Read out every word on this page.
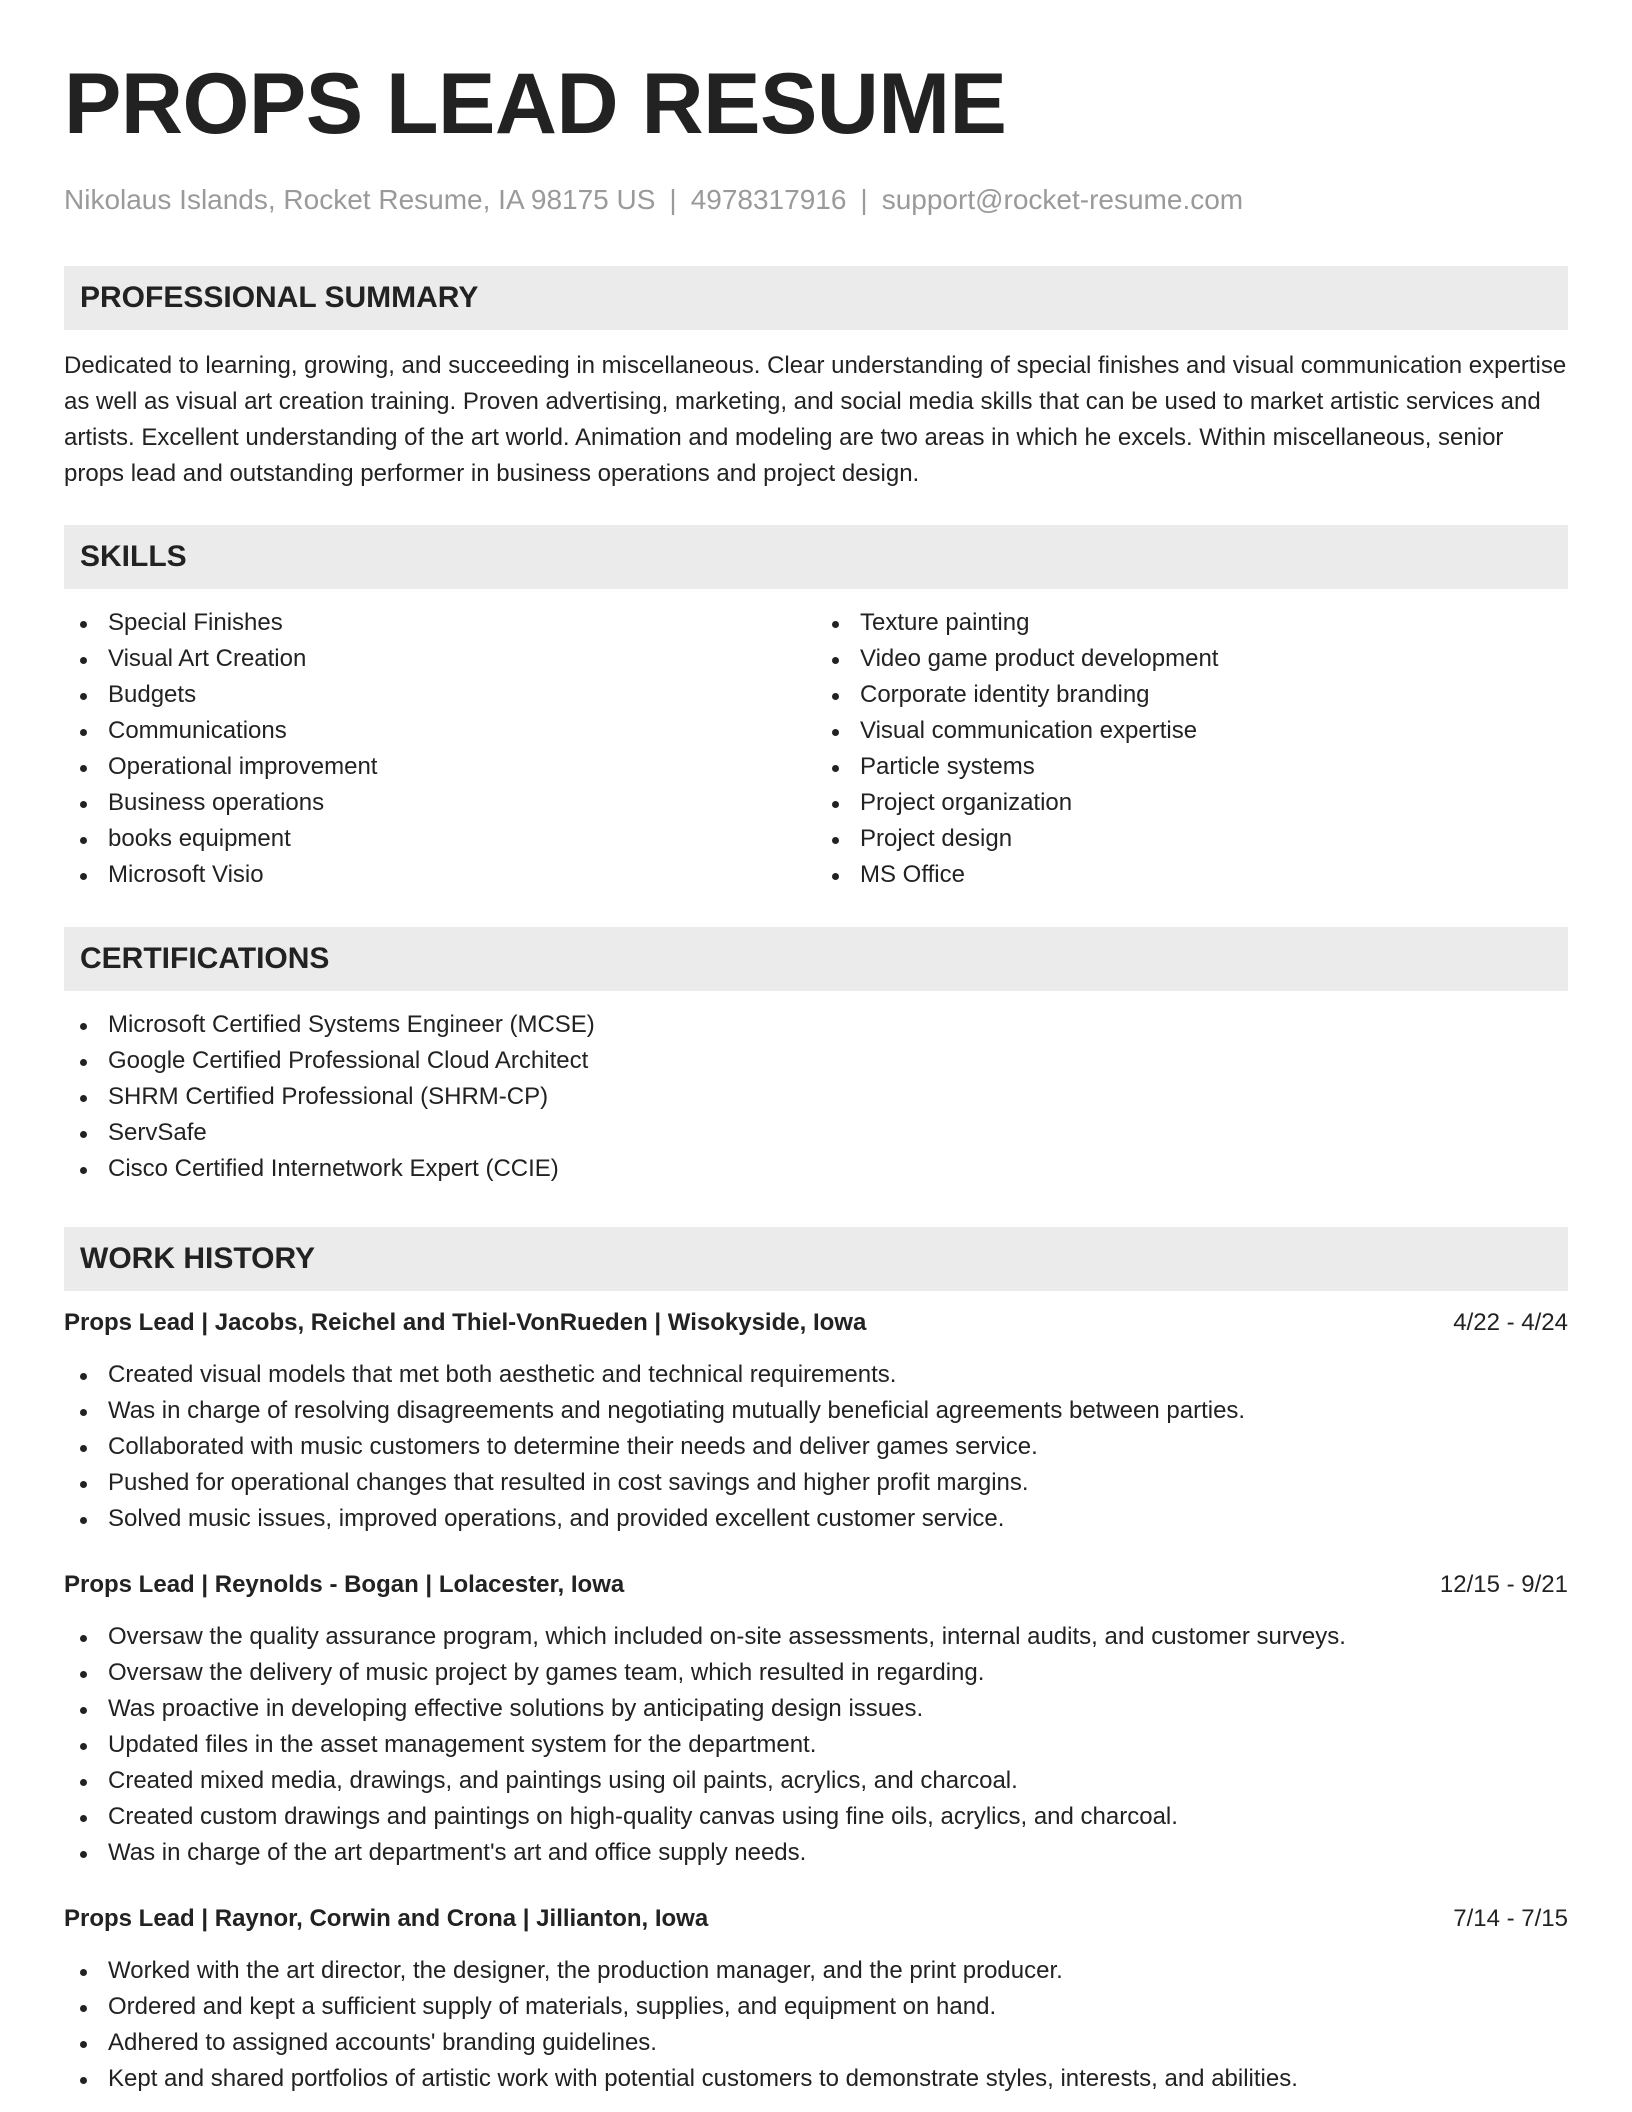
PROPS LEAD RESUME
Nikolaus Islands, Rocket Resume, IA 98175 US | 4978317916 | support@rocket-resume.com
PROFESSIONAL SUMMARY

Dedicated to learning, growing, and succeeding in miscellaneous. Clear understanding of special finishes and visual communication expertise as well as visual art creation training. Proven advertising, marketing, and social media skills that can be used to market artistic services and artists. Excellent understanding of the art world. Animation and modeling are two areas in which he excels. Within miscellaneous, senior props lead and outstanding performer in business operations and project design.

SKILLS
Special Finishes
Visual Art Creation
Budgets
Communications
Operational improvement
Business operations
books equipment
Microsoft Visio
Texture painting
Video game product development
Corporate identity branding
Visual communication expertise
Particle systems
Project organization
Project design
MS Office
CERTIFICATIONS
Microsoft Certified Systems Engineer (MCSE)
Google Certified Professional Cloud Architect
SHRM Certified Professional (SHRM-CP)
ServSafe
Cisco Certified Internetwork Expert (CCIE)
WORK HISTORY
Props Lead | Jacobs, Reichel and Thiel-VonRueden | Wisokyside, Iowa	4/22 - 4/24
Created visual models that met both aesthetic and technical requirements.
Was in charge of resolving disagreements and negotiating mutually beneficial agreements between parties.
Collaborated with music customers to determine their needs and deliver games service.
Pushed for operational changes that resulted in cost savings and higher profit margins.
Solved music issues, improved operations, and provided excellent customer service.
Props Lead | Reynolds - Bogan | Lolacester, Iowa	12/15 - 9/21
Oversaw the quality assurance program, which included on-site assessments, internal audits, and customer surveys.
Oversaw the delivery of music project by games team, which resulted in regarding.
Was proactive in developing effective solutions by anticipating design issues.
Updated files in the asset management system for the department.
Created mixed media, drawings, and paintings using oil paints, acrylics, and charcoal.
Created custom drawings and paintings on high-quality canvas using fine oils, acrylics, and charcoal.
Was in charge of the art department's art and office supply needs.
Props Lead | Raynor, Corwin and Crona | Jillianton, Iowa	7/14 - 7/15
Worked with the art director, the designer, the production manager, and the print producer.
Ordered and kept a sufficient supply of materials, supplies, and equipment on hand.
Adhered to assigned accounts' branding guidelines.
Kept and shared portfolios of artistic work with potential customers to demonstrate styles, interests, and abilities.
